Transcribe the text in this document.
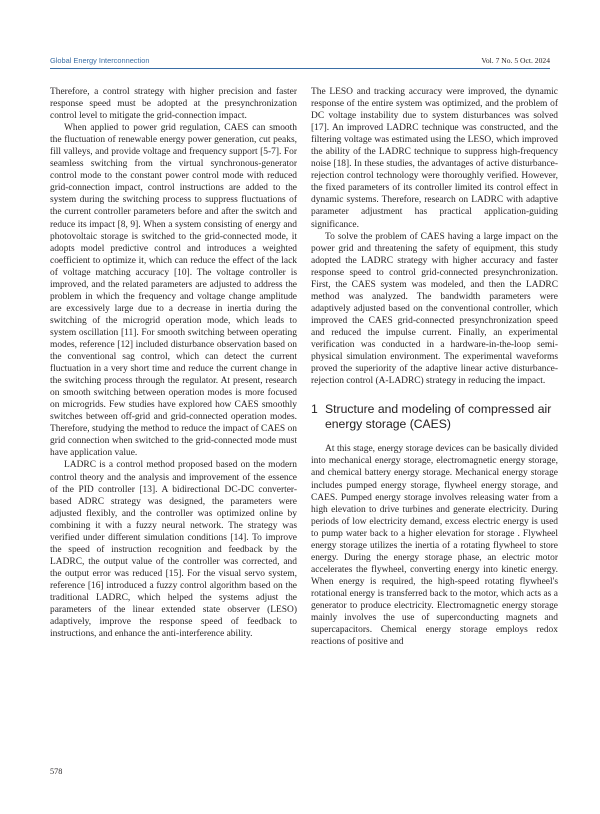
Global Energy Interconnection	Vol. 7 No. 5 Oct. 2024

Therefore, a control strategy with higher precision and faster response speed must be adopted at the presynchronization control level to mitigate the grid-connection impact.

When applied to power grid regulation, CAES can smooth the fluctuation of renewable energy power generation, cut peaks, fill valleys, and provide voltage and frequency support [5-7]. For seamless switching from the virtual synchronous-generator control mode to the constant power control mode with reduced grid-connection impact, control instructions are added to the system during the switching process to suppress fluctuations of the current controller parameters before and after the switch and reduce its impact [8, 9]. When a system consisting of energy and photovoltaic storage is switched to the grid-connected mode, it adopts model predictive control and introduces a weighted coefficient to optimize it, which can reduce the effect of the lack of voltage matching accuracy [10]. The voltage controller is improved, and the related parameters are adjusted to address the problem in which the frequency and voltage change amplitude are excessively large due to a decrease in inertia during the switching of the microgrid operation mode, which leads to system oscillation [11]. For smooth switching between operating modes, reference [12] included disturbance observation based on the conventional sag control, which can detect the current fluctuation in a very short time and reduce the current change in the switching process through the regulator. At present, research on smooth switching between operation modes is more focused on microgrids. Few studies have explored how CAES smoothly switches between off-grid and grid-connected operation modes. Therefore, studying the method to reduce the impact of CAES on grid connection when switched to the grid-connected mode must have application value.

LADRC is a control method proposed based on the modern control theory and the analysis and improvement of the essence of the PID controller [13]. A bidirectional DC-DC converter-based ADRC strategy was designed, the parameters were adjusted flexibly, and the controller was optimized online by combining it with a fuzzy neural network. The strategy was verified under different simulation conditions [14]. To improve the speed of instruction recognition and feedback by the LADRC, the output value of the controller was corrected, and the output error was reduced [15]. For the visual servo system, reference [16] introduced a fuzzy control algorithm based on the traditional LADRC, which helped the systems adjust the parameters of the linear extended state observer (LESO) adaptively, improve the response speed of feedback to instructions, and enhance the anti-interference ability.

The LESO and tracking accuracy were improved, the dynamic response of the entire system was optimized, and the problem of DC voltage instability due to system disturbances was solved [17]. An improved LADRC technique was constructed, and the filtering voltage was estimated using the LESO, which improved the ability of the LADRC technique to suppress high-frequency noise [18]. In these studies, the advantages of active disturbance-rejection control technology were thoroughly verified. However, the fixed parameters of its controller limited its control effect in dynamic systems. Therefore, research on LADRC with adaptive parameter adjustment has practical application-guiding significance.

To solve the problem of CAES having a large impact on the power grid and threatening the safety of equipment, this study adopted the LADRC strategy with higher accuracy and faster response speed to control grid-connected presynchronization. First, the CAES system was modeled, and then the LADRC method was analyzed. The bandwidth parameters were adaptively adjusted based on the conventional controller, which improved the CAES grid-connected presynchronization speed and reduced the impulse current. Finally, an experimental verification was conducted in a hardware-in-the-loop semi-physical simulation environment. The experimental waveforms proved the superiority of the adaptive linear active disturbance-rejection control (A-LADRC) strategy in reducing the impact.

1 Structure and modeling of compressed air energy storage (CAES)

At this stage, energy storage devices can be basically divided into mechanical energy storage, electromagnetic energy storage, and chemical battery energy storage. Mechanical energy storage includes pumped energy storage, flywheel energy storage, and CAES. Pumped energy storage involves releasing water from a high elevation to drive turbines and generate electricity. During periods of low electricity demand, excess electric energy is used to pump water back to a higher elevation for storage . Flywheel energy storage utilizes the inertia of a rotating flywheel to store energy. During the energy storage phase, an electric motor accelerates the flywheel, converting energy into kinetic energy. When energy is required, the high-speed rotating flywheel's rotational energy is transferred back to the motor, which acts as a generator to produce electricity. Electromagnetic energy storage mainly involves the use of superconducting magnets and supercapacitors. Chemical energy storage employs redox reactions of positive and

578
